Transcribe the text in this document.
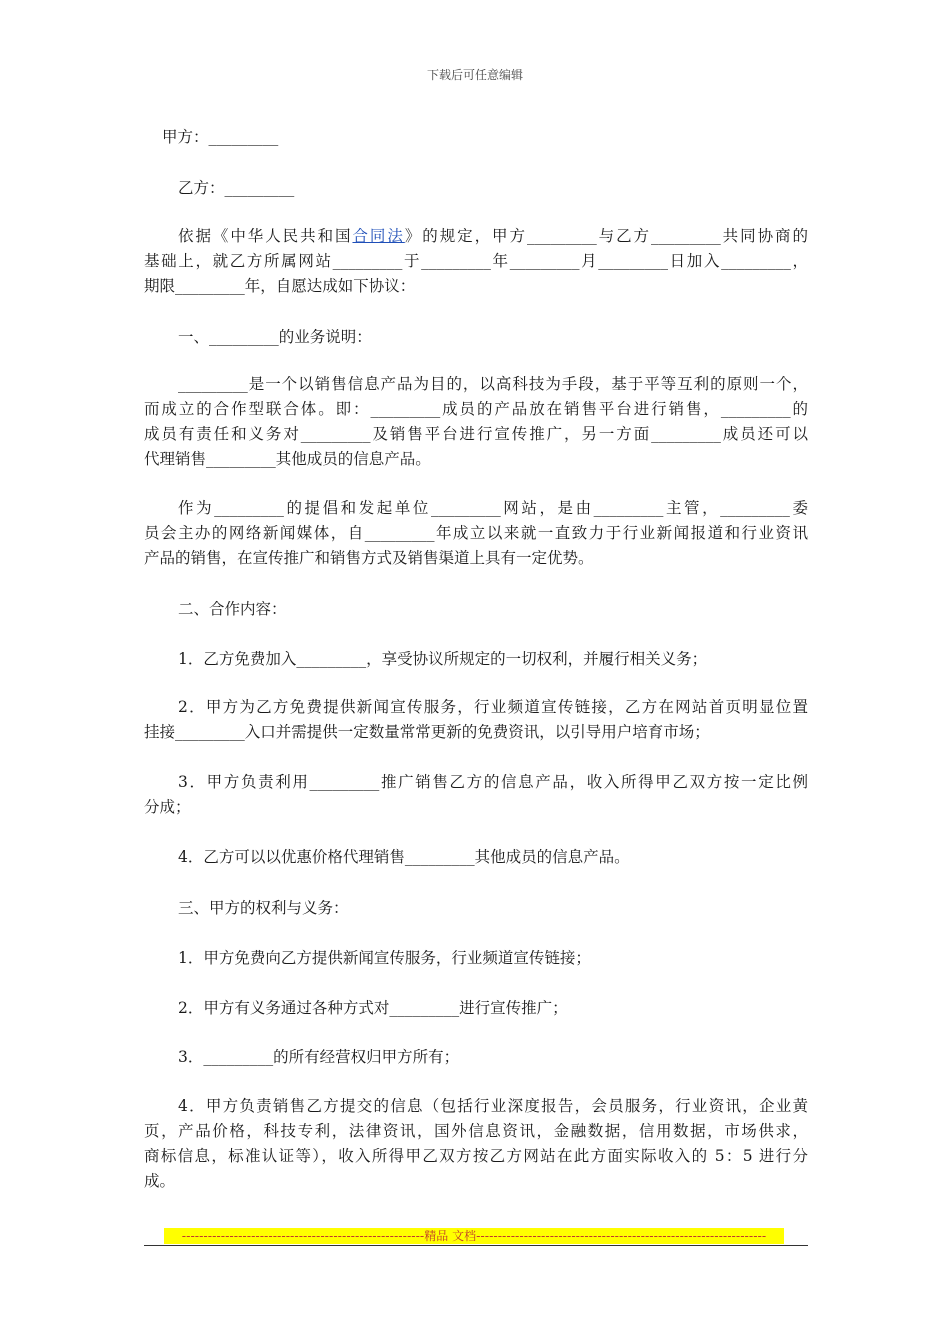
下载后可任意编辑
甲方：_________
乙方：_________
依据《中华人民共和国合同法》的规定，甲方_________与乙方_________共同协商的
基础上，就乙方所属网站_________于_________年_________月_________日加入_________，
期限_________年，自愿达成如下协议：
一、_________的业务说明：
_________是一个以销售信息产品为目的，以高科技为手段，基于平等互利的原则一个，
而成立的合作型联合体。即：_________成员的产品放在销售平台进行销售，_________的
成员有责任和义务对_________及销售平台进行宣传推广，另一方面_________成员还可以
代理销售_________其他成员的信息产品。
作为_________的提倡和发起单位_________网站，是由_________主管，_________委
员会主办的网络新闻媒体，自_________年成立以来就一直致力于行业新闻报道和行业资讯
产品的销售，在宣传推广和销售方式及销售渠道上具有一定优势。
二、合作内容：
1．乙方免费加入_________，享受协议所规定的一切权利，并履行相关义务；
2．甲方为乙方免费提供新闻宣传服务，行业频道宣传链接，乙方在网站首页明显位置
挂接_________入口并需提供一定数量常常更新的免费资讯，以引导用户培育市场；
3．甲方负责利用_________推广销售乙方的信息产品，收入所得甲乙双方按一定比例
分成；
4．乙方可以以优惠价格代理销售_________其他成员的信息产品。
三、甲方的权利与义务：
1．甲方免费向乙方提供新闻宣传服务，行业频道宣传链接；
2．甲方有义务通过各种方式对_________进行宣传推广；
3．_________的所有经营权归甲方所有；
4．甲方负责销售乙方提交的信息（包括行业深度报告，会员服务，行业资讯，企业黄
页，产品价格，科技专利，法律资讯，国外信息资讯，金融数据，信用数据，市场供求，
商标信息，标准认证等），收入所得甲乙双方按乙方网站在此方面实际收入的 5：5 进行分
成。
--------------------------------------------------------精品 文档-------------------------------------------------------------------
